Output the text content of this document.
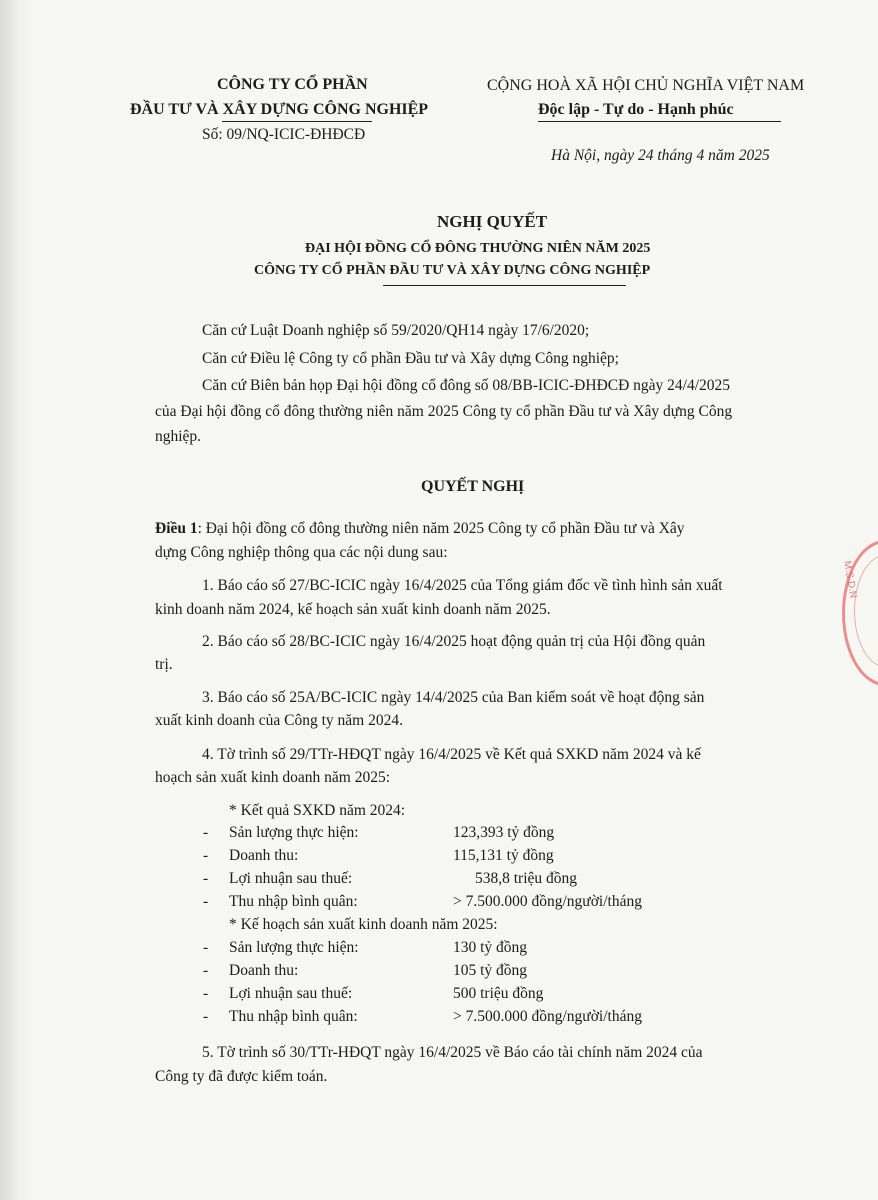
CÔNG TY CỔ PHẦN
ĐẦU TƯ VÀ XÂY DỰNG CÔNG NGHIỆP
Số: 09/NQ-ICIC-ĐHĐCĐ
CỘNG HOÀ XÃ HỘI CHỦ NGHĨA VIỆT NAM
Độc lập - Tự do - Hạnh phúc
Hà Nội, ngày 24 tháng 4 năm 2025
NGHỊ QUYẾT
ĐẠI HỘI ĐỒNG CỔ ĐÔNG THƯỜNG NIÊN NĂM 2025
CÔNG TY CỔ PHẦN ĐẦU TƯ VÀ XÂY DỰNG CÔNG NGHIỆP
Căn cứ Luật Doanh nghiệp số 59/2020/QH14 ngày 17/6/2020;
Căn cứ Điều lệ Công ty cổ phần Đầu tư và Xây dựng Công nghiệp;
Căn cứ Biên bản họp Đại hội đồng cổ đông số 08/BB-ICIC-ĐHĐCĐ ngày 24/4/2025
của Đại hội đồng cổ đông thường niên năm 2025 Công ty cổ phần Đầu tư và Xây dựng Công
nghiệp.
QUYẾT NGHỊ
Điều 1: Đại hội đồng cổ đông thường niên năm 2025 Công ty cổ phần Đầu tư và Xây
dựng Công nghiệp thông qua các nội dung sau:
1. Báo cáo số 27/BC-ICIC ngày 16/4/2025 của Tổng giám đốc về tình hình sản xuất
kinh doanh năm 2024, kế hoạch sản xuất kinh doanh năm 2025.
2. Báo cáo số 28/BC-ICIC ngày 16/4/2025 hoạt động quản trị của Hội đồng quản
trị.
3. Báo cáo số 25A/BC-ICIC ngày 14/4/2025 của Ban kiểm soát về hoạt động sản
xuất kinh doanh của Công ty năm 2024.
4. Tờ trình số 29/TTr-HĐQT ngày 16/4/2025 về Kết quả SXKD năm 2024 và kế
hoạch sản xuất kinh doanh năm 2025:
* Kết quả SXKD năm 2024:
- Sản lượng thực hiện:	123,393 tỷ đồng
- Doanh thu:	115,131 tỷ đồng
- Lợi nhuận sau thuế:	538,8 triệu đồng
- Thu nhập bình quân:	> 7.500.000 đồng/người/tháng
* Kế hoạch sản xuất kinh doanh năm 2025:
- Sản lượng thực hiện:	130 tỷ đồng
- Doanh thu:	105 tỷ đồng
- Lợi nhuận sau thuế:	500 triệu đồng
- Thu nhập bình quân:	> 7.500.000 đồng/người/tháng
5. Tờ trình số 30/TTr-HĐQT ngày 16/4/2025 về Báo cáo tài chính năm 2024 của
Công ty đã được kiểm toán.
M.S.D.N
